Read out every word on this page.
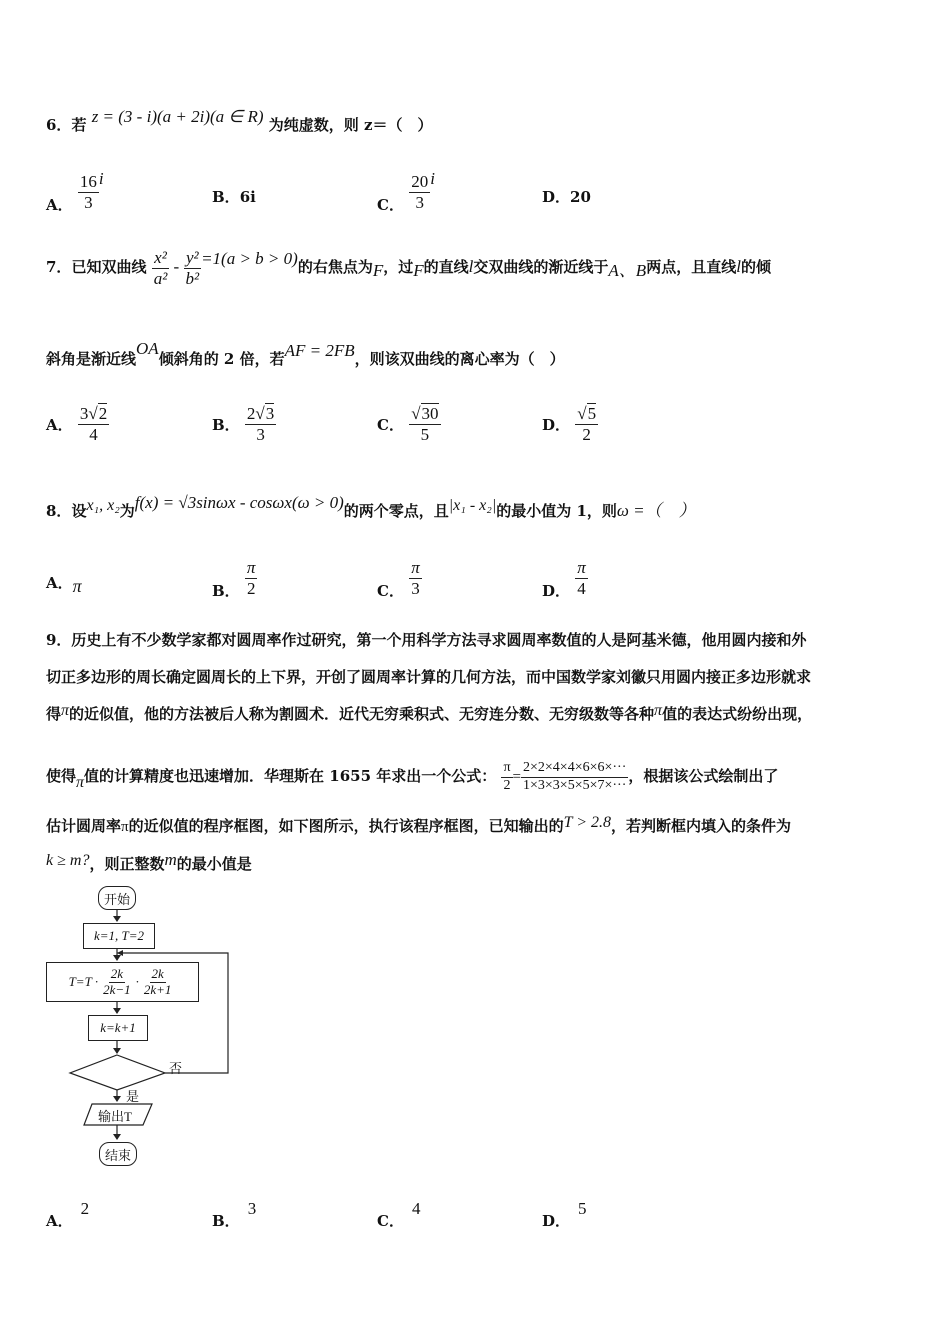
6．若 z = (3 - i)(a + 2i)(a ∈ R) 为纯虚数，则 z＝（　）
A． $\frac{16}{3}$ i
B．6i	C． $\frac{20}{3}$ i
D．20
7．已知双曲线 $\frac{\text{x²}}{\text{a²}} - \frac{\text{y²}}{\text{b²}} =1(a > b > 0)$的右焦点为F，过F的直线l交双曲线的渐近线于A、B两点，且直线l的倾
斜角是渐近线OA倾斜角的 2 倍，若AF = 2FB，则该双曲线的离心率为（　）
A． $\frac{3√2}{4}$	B． $\frac{2√3}{3}$	C． $\frac{√30}{5}$	D． $\frac{√5}{2}$
8．设x₁, x₂为f(x) = √3sinωx - cosωx(ω > 0)的两个零点，且|x₁ - x₂|的最小值为 1，则ω =（　）
A．π	B． $\frac{\pi}{2}$	C． $\frac{\pi}{3}$	D． $\frac{\pi}{4}$
9．历史上有不少数学家都对圆周率作过研究，第一个用科学方法寻求圆周率数值的人是阿基米德，他用圆内接和外
切正多边形的周长确定圆周长的上下界，开创了圆周率计算的几何方法，而中国数学家刘徽只用圆内接正多边形就求
得π的近似值，他的方法被后人称为割圆术．近代无穷乘积式、无穷连分数、无穷级数等各种π值的表达式纷纷出现，
使得π值的计算精度也迅速增加．华理斯在 1655 年求出一个公式： $\frac{\pi}{2} = \frac{2\times 2\times 4\times 4\times 6\times 6\times\cdot\cdot\cdot}{1\times 3\times 3\times 5\times 5\times 7\times\cdot\cdot\cdot}$ ，根据该公式绘制出了
估计圆周率π的近似值的程序框图，如下图所示，执行该程序框图，已知输出的T > 2.8，若判断框内填入的条件为
k ≥ m?，则正整数m的最小值是
开始
k=1, T=2
$T=T \cdot \frac{2k}{2k-1} \cdot \frac{2k}{2k+1}$
k=k+1
否
是
输出T
结束
A．2
B．3
C．4
D．5
